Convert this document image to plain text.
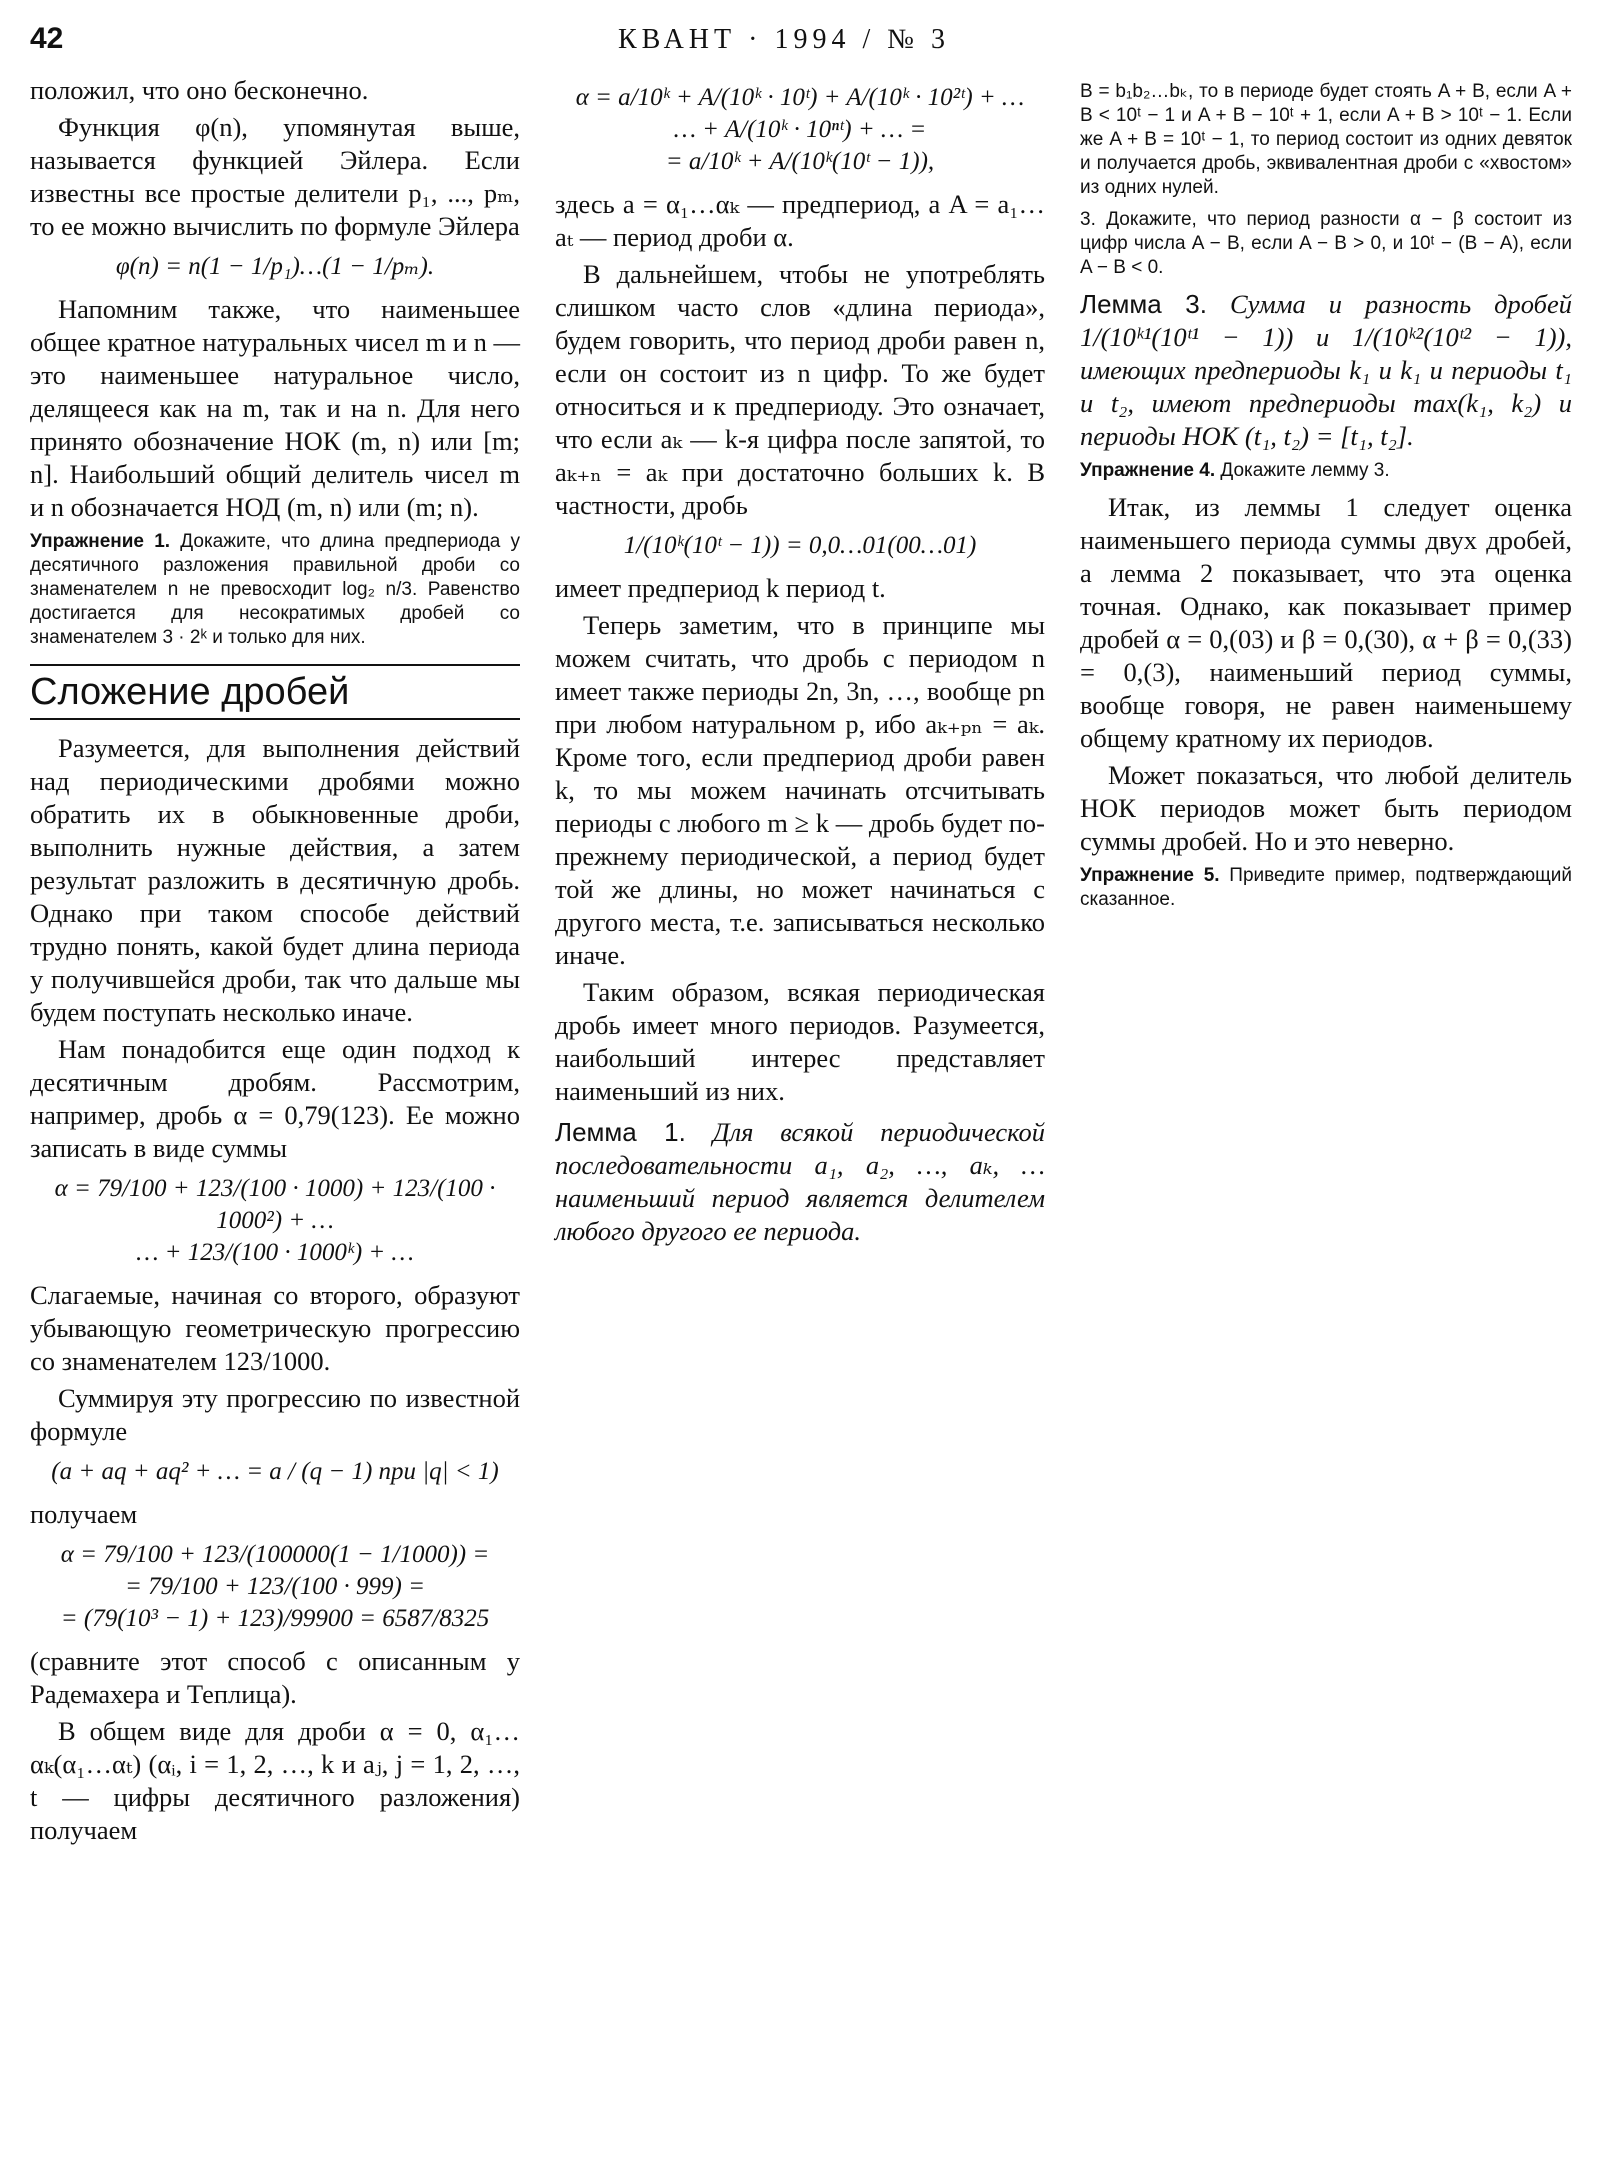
42	КВАНТ · 1994 / № 3

положил, что оно бесконечно.

Функция φ(n), упомянутая выше, называется функцией Эйлера. Если известны все простые делители p₁, ..., pₘ, то ее можно вычислить по формуле Эйлера

φ(n) = n(1 − 1/p₁)…(1 − 1/pₘ).

Напомним также, что наименьшее общее кратное натуральных чисел m и n — это наименьшее натуральное число, делящееся как на m, так и на n. Для него принято обозначение НОК (m, n) или [m; n]. Наибольший общий делитель чисел m и n обозначается НОД (m, n) или (m; n).

Упражнение 1. Докажите, что длина предпериода у десятичного разложения правильной дроби со знаменателем n не превосходит log₂ n/3. Равенство достигается для несократимых дробей со знаменателем 3 · 2ᵏ и только для них.
Сложение дробей

Разумеется, для выполнения действий над периодическими дробями можно обратить их в обыкновенные дроби, выполнить нужные действия, а затем результат разложить в десятичную дробь. Однако при таком способе действий трудно понять, какой будет длина периода у получившейся дроби, так что дальше мы будем поступать несколько иначе.

Нам понадобится еще один подход к десятичным дробям. Рассмотрим, например, дробь α = 0,79(123). Ее можно записать в виде суммы

α = 79/100 + 123/(100 · 1000) + 123/(100 · 1000²) + …
… + 123/(100 · 1000ᵏ) + …

Слагаемые, начиная со второго, образуют убывающую геометрическую прогрессию со знаменателем 123/1000.

Суммируя эту прогрессию по известной формуле

(a + aq + aq² + … = a / (q − 1) при |q| < 1)

получаем

α = 79/100 + 123/(100000(1 − 1/1000)) =
= 79/100 + 123/(100 · 999) =
= (79(10³ − 1) + 123)/99900 = 6587/8325

(сравните этот способ с описанным у Радемахера и Теплица).

В общем виде для дроби α = 0, α₁…αₖ(α₁…αₜ) (αᵢ, i = 1, 2, …, k и aⱼ, j = 1, 2, …, t — цифры десятичного разложения) получаем

α = a/10ᵏ + A/(10ᵏ · 10ᵗ) + A/(10ᵏ · 10²ᵗ) + …
… + A/(10ᵏ · 10ⁿᵗ) + … =
= a/10ᵏ + A/(10ᵏ(10ᵗ − 1)),

здесь a = α₁…αₖ — предпериод, а A = a₁…aₜ — период дроби α.

В дальнейшем, чтобы не употреблять слишком часто слов «длина периода», будем говорить, что период дроби равен n, если он состоит из n цифр. То же будет относиться и к предпериоду. Это означает, что если aₖ — k-я цифра после запятой, то aₖ₊ₙ = aₖ при достаточно больших k. В частности, дробь

1/(10ᵏ(10ᵗ − 1)) = 0,0…01(00…01)

имеет предпериод k период t.

Теперь заметим, что в принципе мы можем считать, что дробь с периодом n имеет также периоды 2n, 3n, …, вообще pn при любом натуральном p, ибо aₖ₊ₚₙ = aₖ. Кроме того, если предпериод дроби равен k, то мы можем начинать отсчитывать периоды с любого m ≥ k — дробь будет по-прежнему периодической, а период будет той же длины, но может начинаться с другого места, т.е. записываться несколько иначе.

Таким образом, всякая периодическая дробь имеет много периодов. Разумеется, наибольший интерес представляет наименьший из них.

Лемма 1. Для всякой периодической последовательности a₁, a₂, …, aₖ, … наименьший период является делителем любого другого ее периода.
B = b₁b₂…bₖ, то в периоде будет стоять A + B, если A + B < 10ᵗ − 1 и A + B − 10ᵗ + 1, если A + B > 10ᵗ − 1. Если же A + B = 10ᵗ − 1, то период состоит из одних девяток и получается дробь, эквивалентная дроби с «хвостом» из одних нулей.
3. Докажите, что период разности α − β состоит из цифр числа A − B, если A − B > 0, и 10ᵗ − (B − A), если A − B < 0.
Лемма 3. Сумма и разность дробей 1/(10ᵏ¹(10ᵗ¹ − 1)) и 1/(10ᵏ²(10ᵗ² − 1)), имеющих предпериоды k₁ и k₁ и периоды t₁ и t₂, имеют предпериоды max(k₁, k₂) и периоды НОК (t₁, t₂) = [t₁, t₂].
Упражнение 4. Докажите лемму 3.

Итак, из леммы 1 следует оценка наименьшего периода суммы двух дробей, а лемма 2 показывает, что эта оценка точная. Однако, как показывает пример дробей α = 0,(03) и β = 0,(30), α + β = 0,(33) = 0,(3), наименьший период суммы, вообще говоря, не равен наименьшему общему кратному их периодов.

Может показаться, что любой делитель НОК периодов может быть периодом суммы дробей. Но и это неверно.

Упражнение 5. Приведите пример, подтверждающий сказанное.
